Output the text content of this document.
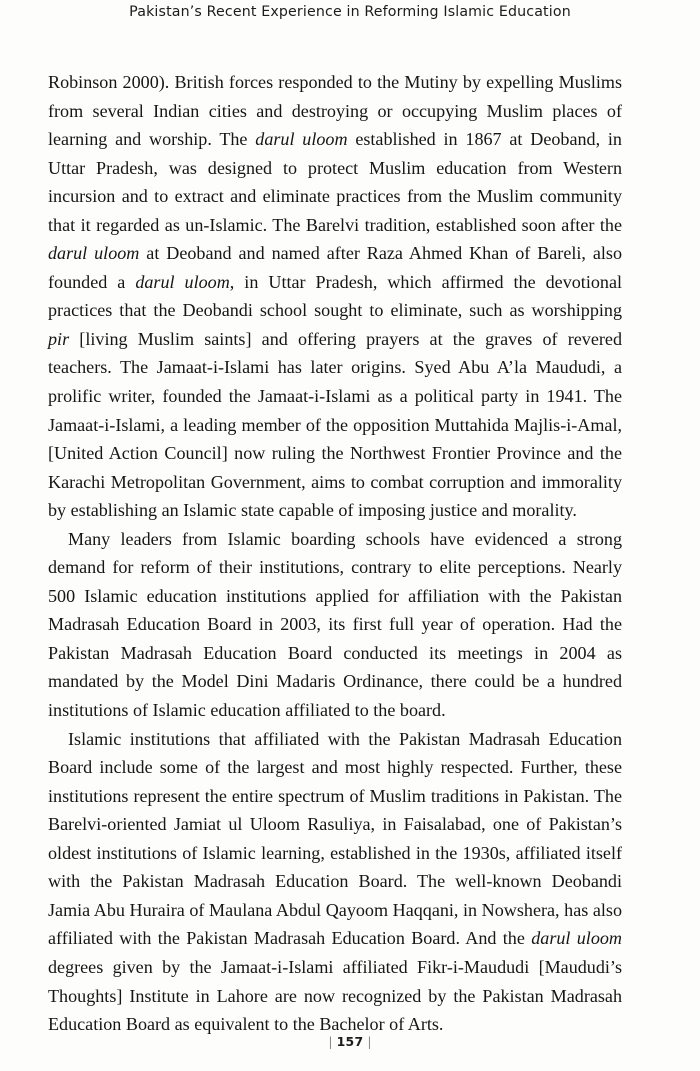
Pakistan’s Recent Experience in Reforming Islamic Education

Robinson 2000). British forces responded to the Mutiny by expelling Muslims from several Indian cities and destroying or occupying Muslim places of learning and worship. The darul uloom established in 1867 at Deoband, in Uttar Pradesh, was designed to protect Muslim education from Western incursion and to extract and eliminate practices from the Muslim community that it regarded as un-Islamic. The Barelvi tradition, established soon after the darul uloom at Deoband and named after Raza Ahmed Khan of Bareli, also founded a darul uloom, in Uttar Pradesh, which affirmed the devotional practices that the Deobandi school sought to eliminate, such as worshipping pir [living Muslim saints] and offering prayers at the graves of revered teachers. The Jamaat-i-Islami has later origins. Syed Abu A’la Maududi, a prolific writer, founded the Jamaat-i-Islami as a political party in 1941. The Jamaat-i-Islami, a leading member of the opposition Muttahida Majlis-i-Amal, [United Action Council] now ruling the Northwest Frontier Province and the Karachi Metropolitan Government, aims to combat corruption and immorality by establishing an Islamic state capable of imposing justice and morality.

Many leaders from Islamic boarding schools have evidenced a strong demand for reform of their institutions, contrary to elite perceptions. Nearly 500 Islamic education institutions applied for affiliation with the Pakistan Madrasah Education Board in 2003, its first full year of operation. Had the Pakistan Madrasah Education Board conducted its meetings in 2004 as mandated by the Model Dini Madaris Ordinance, there could be a hundred institutions of Islamic education affiliated to the board.

Islamic institutions that affiliated with the Pakistan Madrasah Education Board include some of the largest and most highly respected. Further, these institutions represent the entire spectrum of Muslim traditions in Pakistan. The Barelvi-oriented Jamiat ul Uloom Rasuliya, in Faisalabad, one of Pakistan’s oldest institutions of Islamic learning, established in the 1930s, affiliated itself with the Pakistan Madrasah Education Board. The well-known Deobandi Jamia Abu Huraira of Maulana Abdul Qayoom Haqqani, in Nowshera, has also affiliated with the Pakistan Madrasah Education Board. And the darul uloom degrees given by the Jamaat-i-Islami affiliated Fikr-i-Maududi [Maududi’s Thoughts] Institute in Lahore are now recognized by the Pakistan Madrasah Education Board as equivalent to the Bachelor of Arts.

| 157 |
